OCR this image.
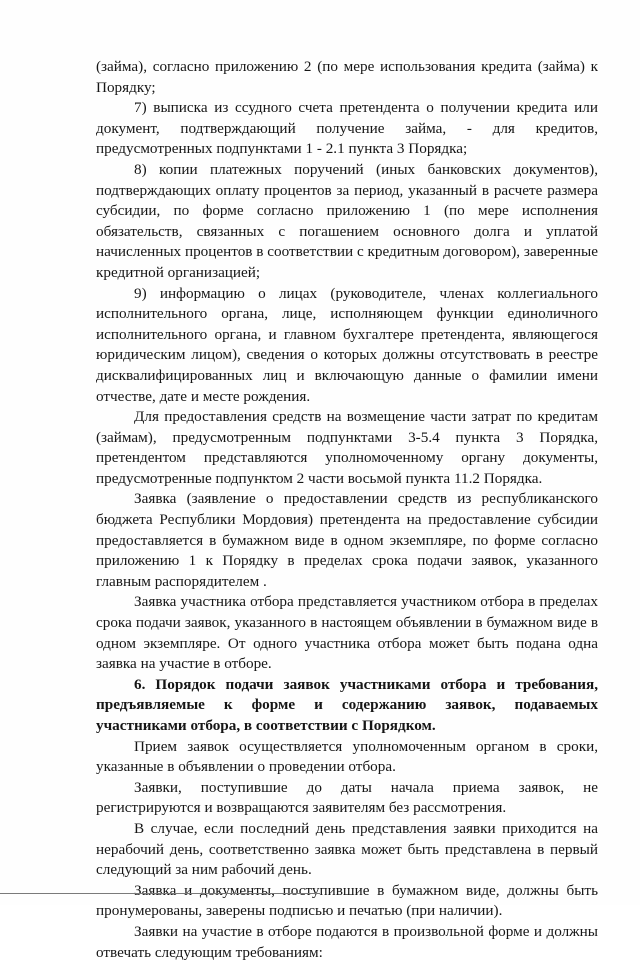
(займа), согласно приложению 2 (по мере использования кредита (займа) к Порядку;

7) выписка из ссудного счета претендента о получении кредита или документ, подтверждающий получение займа, - для кредитов, предусмотренных подпунктами 1 - 2.1 пункта 3 Порядка;

8) копии платежных поручений (иных банковских документов), подтверждающих оплату процентов за период, указанный в расчете размера субсидии, по форме согласно приложению 1 (по мере исполнения обязательств, связанных с погашением основного долга и уплатой начисленных процентов в соответствии с кредитным договором), заверенные кредитной организацией;

9) информацию о лицах (руководителе, членах коллегиального исполнительного органа, лице, исполняющем функции единоличного исполнительного органа, и главном бухгалтере претендента, являющегося юридическим лицом), сведения о которых должны отсутствовать в реестре дисквалифицированных лиц и включающую данные о фамилии имени отчестве, дате и месте рождения.

Для предоставления средств на возмещение части затрат по кредитам (займам), предусмотренным подпунктами 3-5.4 пункта 3 Порядка, претендентом представляются уполномоченному органу документы, предусмотренные подпунктом 2 части восьмой пункта 11.2 Порядка.

Заявка (заявление о предоставлении средств из республиканского бюджета Республики Мордовия) претендента на предоставление субсидии предоставляется в бумажном виде в одном экземпляре, по форме согласно приложению 1 к Порядку в пределах срока подачи заявок, указанного главным распорядителем .

Заявка участника отбора представляется участником отбора в пределах срока подачи заявок, указанного в настоящем объявлении в бумажном виде в одном экземпляре. От одного участника отбора может быть подана одна заявка на участие в отборе.

6. Порядок подачи заявок участниками отбора и требования, предъявляемые к форме и содержанию заявок, подаваемых участниками отбора, в соответствии с Порядком.

Прием заявок осуществляется уполномоченным органом в сроки, указанные в объявлении о проведении отбора.

Заявки, поступившие до даты начала приема заявок, не регистрируются и возвращаются заявителям без рассмотрения.

В случае, если последний день представления заявки приходится на нерабочий день, соответственно заявка может быть представлена в первый следующий за ним рабочий день.

Заявка и документы, поступившие в бумажном виде, должны быть пронумерованы, заверены подписью и печатью (при наличии).

Заявки на участие в отборе подаются в произвольной форме и должны отвечать следующим требованиям:
